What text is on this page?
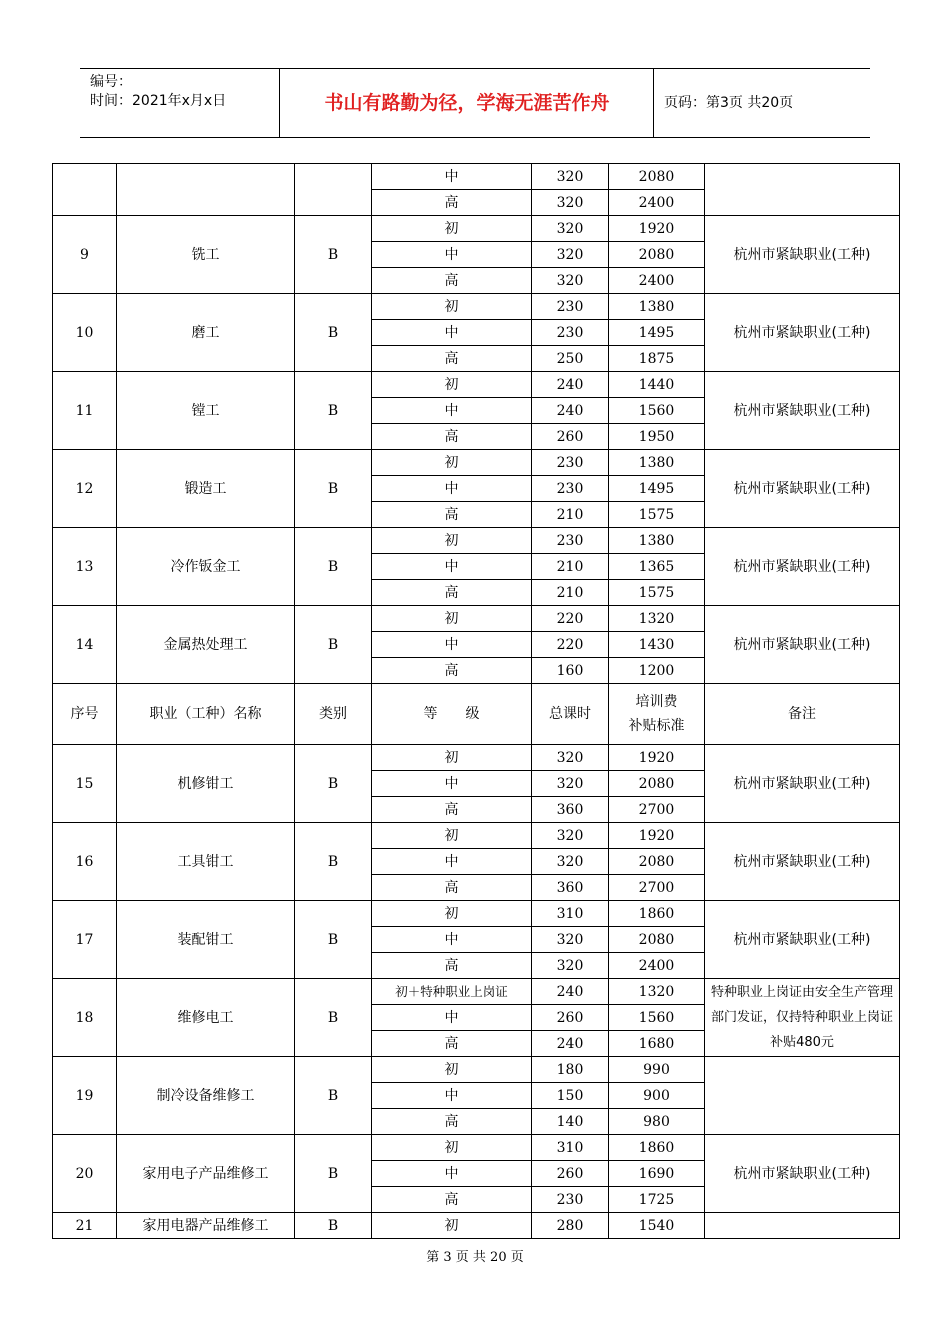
编号：
时间：2021年x月x日	书山有路勤为径，学海无涯苦作舟	页码：第3页 共20页
			中	320	2080	
			高	320	2400	
9	铣工	B	初	320	1920	杭州市紧缺职业(工种)
			中	320	2080	
			高	320	2400	
10	磨工	B	初	230	1380	杭州市紧缺职业(工种)
			中	230	1495	
			高	250	1875	
11	镗工	B	初	240	1440	杭州市紧缺职业(工种)
			中	240	1560	
			高	260	1950	
12	锻造工	B	初	230	1380	杭州市紧缺职业(工种)
			中	230	1495	
			高	210	1575	
13	冷作钣金工	B	初	230	1380	杭州市紧缺职业(工种)
			中	210	1365	
			高	210	1575	
14	金属热处理工	B	初	220	1320	杭州市紧缺职业(工种)
			中	220	1430	
			高	160	1200	
序号	职业（工种）名称	类别	等　　级	总课时	培训费
补贴标准	备注
15	机修钳工	B	初	320	1920	杭州市紧缺职业(工种)
			中	320	2080	
			高	360	2700	
16	工具钳工	B	初	320	1920	杭州市紧缺职业(工种)
			中	320	2080	
			高	360	2700	
17	装配钳工	B	初	310	1860	杭州市紧缺职业(工种)
			中	320	2080	
			高	320	2400	
18	维修电工	B	初＋特种职业上岗证	240	1320	特种职业上岗证由安全生产管理部门发证，仅持特种职业上岗证补贴480元
			中	260	1560	
			高	240	1680	
19	制冷设备维修工	B	初	180	990	
			中	150	900	
			高	140	980	
20	家用电子产品维修工	B	初	310	1860	杭州市紧缺职业(工种)
			中	260	1690	
			高	230	1725	
21	家用电器产品维修工	B	初	280	1540	
第 3 页 共 20 页
